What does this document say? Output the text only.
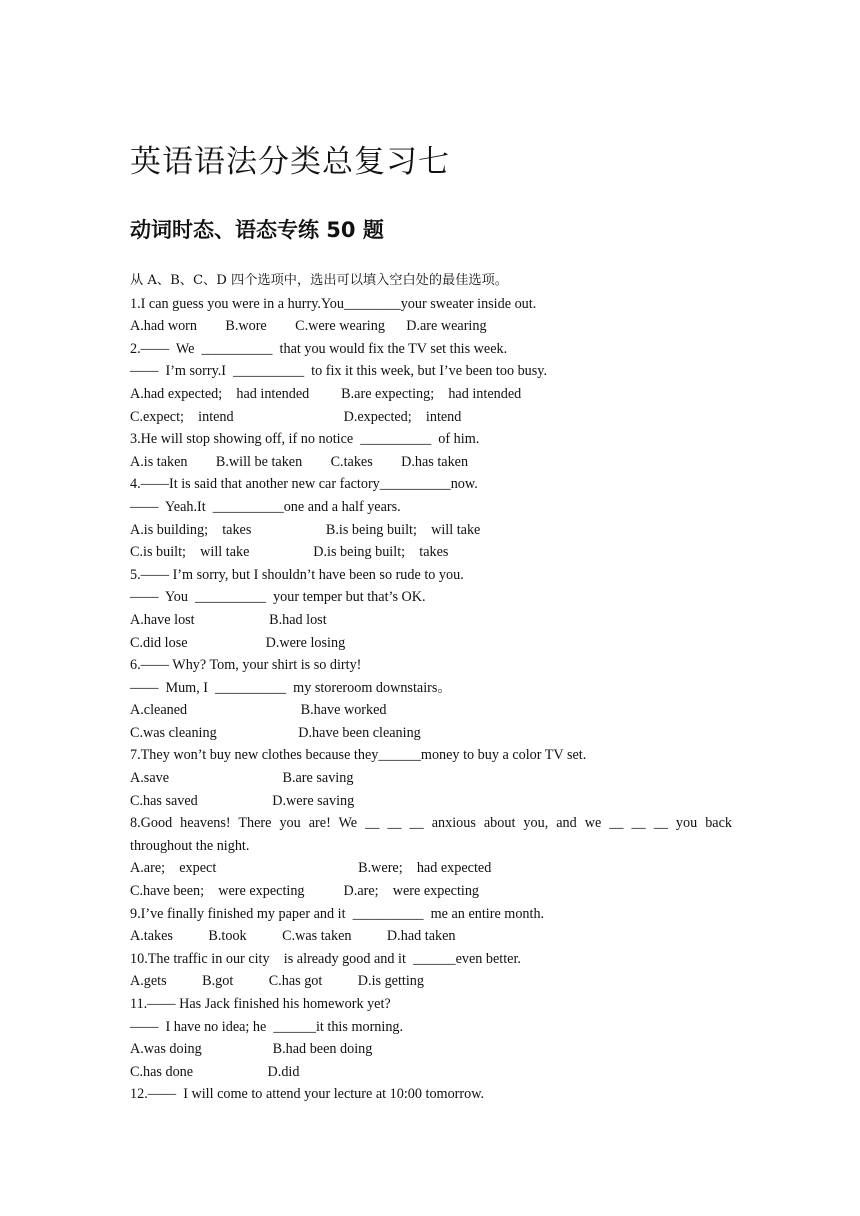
英语语法分类总复习七
动词时态、语态专练 50 题
从 A、B、C、D 四个选项中，选出可以填入空白处的最佳选项。
1.I can guess you were in a hurry.You________your sweater inside out.
A.had worn        B.wore        C.were wearing      D.are wearing
2.——  We  __________  that you would fix the TV set this week.
——  I’m sorry.I  __________  to fix it this week, but I’ve been too busy.
A.had expected;    had intended         B.are expecting;    had intended
C.expect;    intend                               D.expected;    intend
3.He will stop showing off, if no notice  __________  of him.
A.is taken        B.will be taken        C.takes        D.has taken
4.——It is said that another new car factory__________now.
——  Yeah.It  __________one and a half years.
A.is building;    takes                     B.is being built;    will take
C.is built;    will take                  D.is being built;    takes
5.—— I’m sorry, but I shouldn’t have been so rude to you.
——  You  __________  your temper but that’s OK.
A.have lost                     B.had lost
C.did lose                      D.were losing
6.—— Why? Tom, your shirt is so dirty!
——  Mum, I  __________  my storeroom downstairs。
A.cleaned                                B.have worked
C.was cleaning                       D.have been cleaning
7.They won’t buy new clothes because they______money to buy a color TV set.
A.save                                B.are saving
C.has saved                     D.were saving
8.Good heavens! There you are! We __ __ __ anxious about you, and we __ __ __ you back
throughout the night.
A.are;    expect                                        B.were;    had expected
C.have been;    were expecting           D.are;    were expecting
9.I’ve finally finished my paper and it  __________  me an entire month.
A.takes          B.took          C.was taken          D.had taken
10.The traffic in our city    is already good and it  ______even better.
A.gets          B.got          C.has got          D.is getting
11.—— Has Jack finished his homework yet?
——  I have no idea; he  ______it this morning.
A.was doing                    B.had been doing
C.has done                     D.did
12.——  I will come to attend your lecture at 10:00 tomorrow.
